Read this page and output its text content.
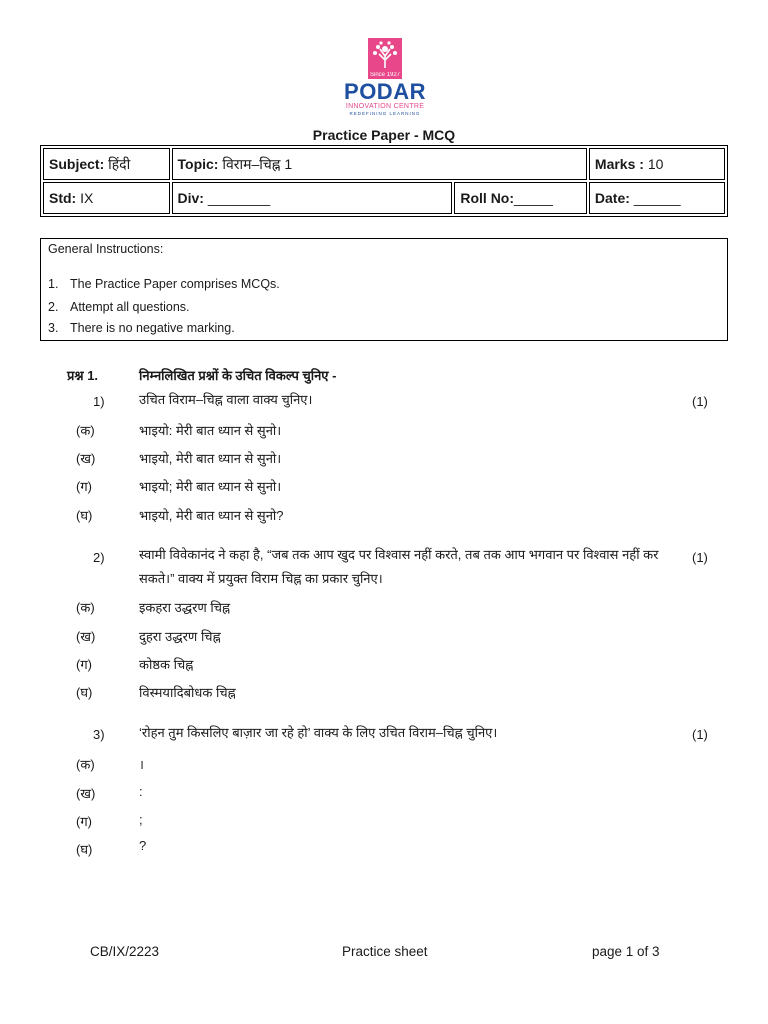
Since 1927
PODAR
INNOVATION CENTRE
REDEFINING LEARNING
Practice Paper - MCQ
Subject: हिंदी	Topic: विराम–चिह्न 1		Marks : 10
Std: IX	Div: ________	Roll No:_____	Date: ______
General Instructions:
1. The Practice Paper comprises MCQs.
2. Attempt all questions.
3. There is no negative marking.
प्रश्न 1.	निम्नलिखित प्रश्नों के उचित विकल्प चुनिए -
1)	उचित विराम–चिह्न वाला वाक्य चुनिए।	(1)
(क)	भाइयो: मेरी बात ध्यान से सुनो।
(ख)	भाइयो, मेरी बात ध्यान से सुनो।
(ग)	भाइयो; मेरी बात ध्यान से सुनो।
(घ)	भाइयो, मेरी बात ध्यान से सुनो?
2)	स्वामी विवेकानंद ने कहा है, “जब तक आप खुद पर विश्वास नहीं करते, तब तक आप भगवान पर विश्वास नहीं कर सकते।” वाक्य में प्रयुक्त विराम चिह्न का प्रकार चुनिए।
(1)
(क)	इकहरा उद्धरण चिह्न
(ख)	दुहरा उद्धरण चिह्न
(ग)	कोष्ठक चिह्न
(घ)	विस्मयादिबोधक चिह्न
3)	‘रोहन तुम किसलिए बाज़ार जा रहे हो’ वाक्य के लिए उचित विराम–चिह्न चुनिए।	(1)
(क)	।
(ख)	:
(ग)	;
(घ)	?
CB/IX/2223	Practice sheet	page 1 of 3
